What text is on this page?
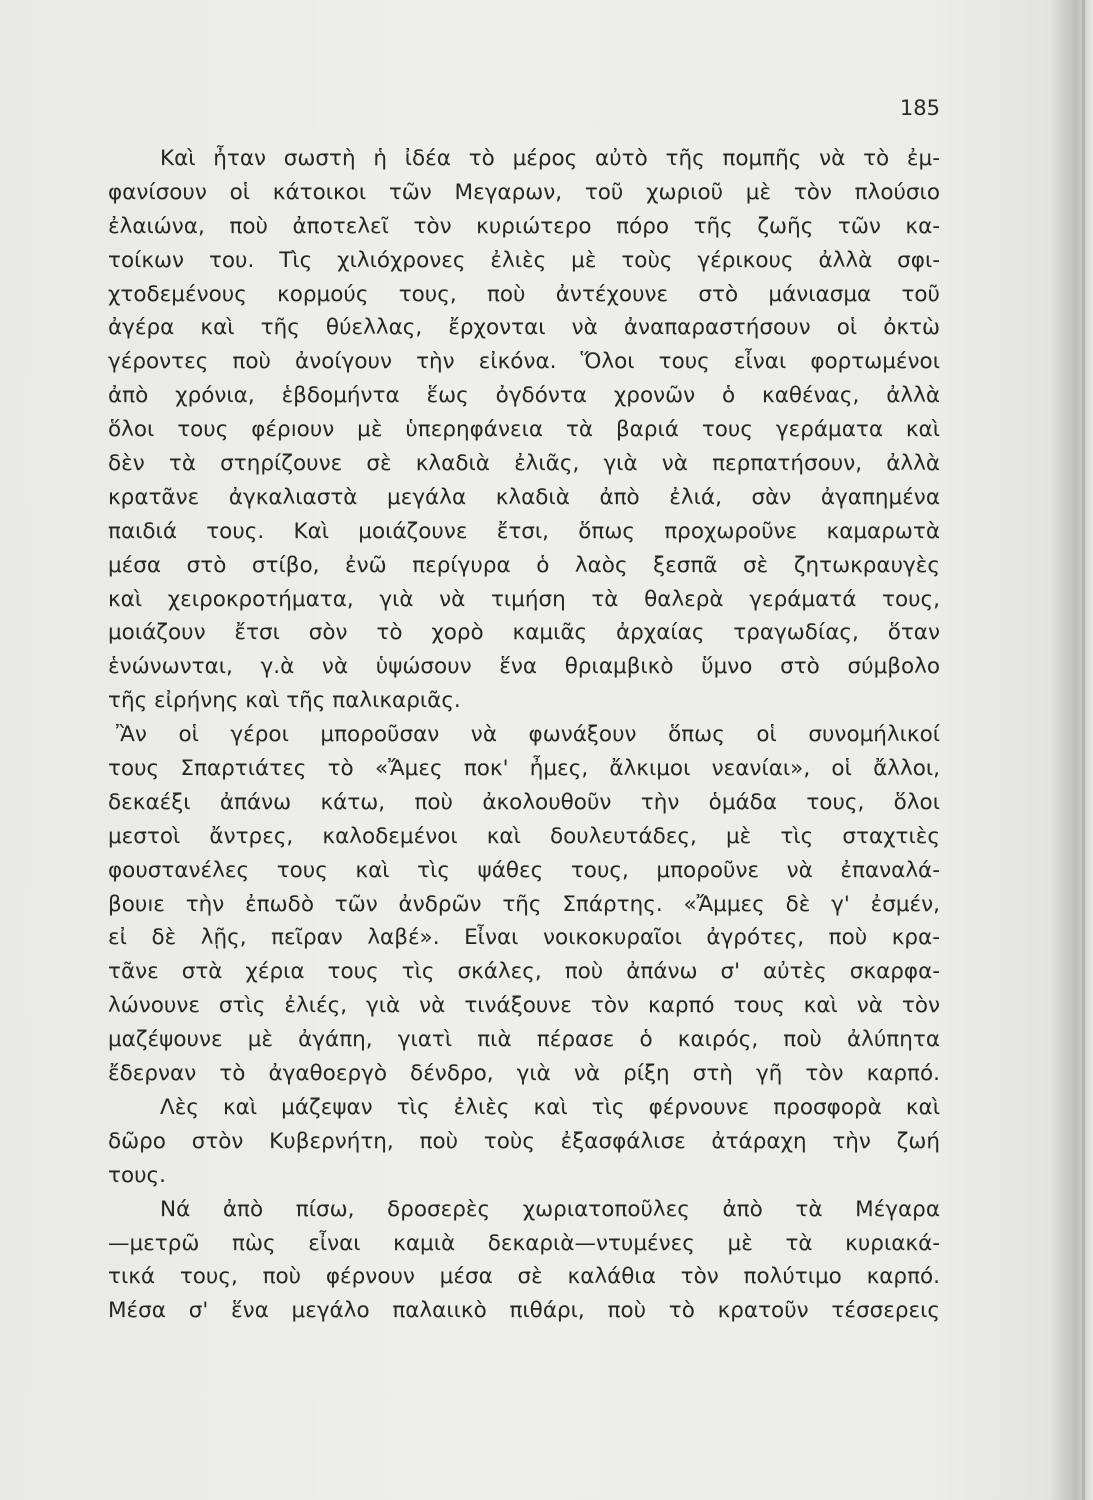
185
Καὶ ἦταν σωστὴ ἡ ἰδέα τὸ μέρος αὐτὸ τῆς πομπῆς νὰ τὸ ἐμ-
φανίσουν οἱ κάτοικοι τῶν Μεγαρων, τοῦ χωριοῦ μὲ τὸν πλούσιο
ἐλαιώνα, ποὺ ἀποτελεῖ τὸν κυριώτερο πόρο τῆς ζωῆς τῶν κα-
τοίκων του. Τὶς χιλιόχρονες ἐλιὲς μὲ τοὺς γέρικους ἀλλὰ σφι-
χτοδεμένους κορμούς τους, ποὺ ἀντέχουνε στὸ μάνιασμα τοῦ
ἀγέρα καὶ τῆς θύελλας, ἔρχονται νὰ ἀναπαραστήσουν οἱ ὀκτὼ
γέροντες ποὺ ἀνοίγουν τὴν εἰκόνα. Ὅλοι τους εἶναι φορτωμένοι
ἀπὸ χρόνια, ἑβδομήντα ἕως ὀγδόντα χρονῶν ὁ καθένας, ἀλλὰ
ὅλοι τους φέρıουν μὲ ὑπερηφάνεια τὰ βαριά τους γεράματα καὶ
δὲν τὰ στηρίζουνε σὲ κλαδιὰ ἐλιᾶς, γιὰ νὰ περπατήσουν, ἀλλὰ
κρατᾶνε ἀγκαλιαστὰ μεγάλα κλαδιὰ ἀπὸ ἐλιά, σὰν ἀγαπημένα
παιδιά τους. Καὶ μοιάζουνε ἔτσι, ὅπως προχωροῦνε καμαρωτὰ
μέσα στὸ στίβο, ἐνῶ περίγυρα ὁ λαὸς ξεσπᾶ σὲ ζητωκραυγὲς
καὶ χειροκροτήματα, γιὰ νὰ τιμήση τὰ θαλερὰ γεράματά τους,
μοιάζουν ἔτσι σὸν τὸ χορὸ καμιᾶς ἀρχαίας τραγωδίας, ὅταν
ἑνώνωνται, γ.ὰ νὰ ὑψώσουν ἕνα θριαμβικὸ ὕμνο στὸ σύμβολο
τῆς εἰρήνης καὶ τῆς παλικαριᾶς.
Ἂν οἱ γέροι μποροῦσαν νὰ φωνάξουν ὅπως οἱ συνομήλικοί
τους Σπαρτιάτες τὸ «Ἄμες ποκ' ἦμες, ἄλκιμοι νεανίαι», οἱ ἄλλοι,
δεκαέξι ἀπάνω κάτω, ποὺ ἀκολουθοῦν τὴν ὁμάδα τους, ὅλοι
μεστοὶ ἄντρες, καλοδεμένοι καὶ δουλευτάδες, μὲ τὶς σταχτιὲς
φουστανέλες τους καὶ τὶς ψάθες τους, μποροῦνε νὰ ἐπαναλά-
βουıε τὴν ἐπωδὸ τῶν ἀνδρῶν τῆς Σπάρτης. «Ἄμμες δὲ γ' ἐσμέν,
εἰ δὲ λῇς, πεῖραν λαβέ». Εἶναι νοικοκυραῖοι ἀγρότες, ποὺ κρα-
τᾶνε στὰ χέρια τους τὶς σκάλες, ποὺ ἀπάνω σ' αὐτὲς σκαρφα-
λώνουνε στὶς ἐλιές, γιὰ νὰ τινάξουνε τὸν καρπό τους καὶ νὰ τὸν
μαζέψουνε μὲ ἀγάπη, γιατὶ πιὰ πέρασε ὁ καιρός, ποὺ ἀλύπητα
ἔδερναν τὸ ἀγαθοεργὸ δένδρο, γιὰ νὰ ρίξη στὴ γῆ τὸν καρπό.
Λὲς καὶ μάζεψαν τὶς ἐλιὲς καὶ τὶς φέρνουνε προσφορὰ καὶ
δῶρο στὸν Κυβερνήτη, ποὺ τοὺς ἐξασφάλισε ἀτάραχη τὴν ζωή
τους.
Νά ἀπὸ πίσω, δροσερὲς χωριατοποῦλες ἀπὸ τὰ Μέγαρα
—μετρῶ πὼς εἶναι καμιὰ δεκαριὰ—ντυμένες μὲ τὰ κυριακά-
τικά τους, ποὺ φέρνουν μέσα σὲ καλάθια τὸν πολύτιμο καρπό.
Μέσα σ' ἕνα μεγάλο παλαιικὸ πιθάρι, ποὺ τὸ κρατοῦν τέσσερεις
